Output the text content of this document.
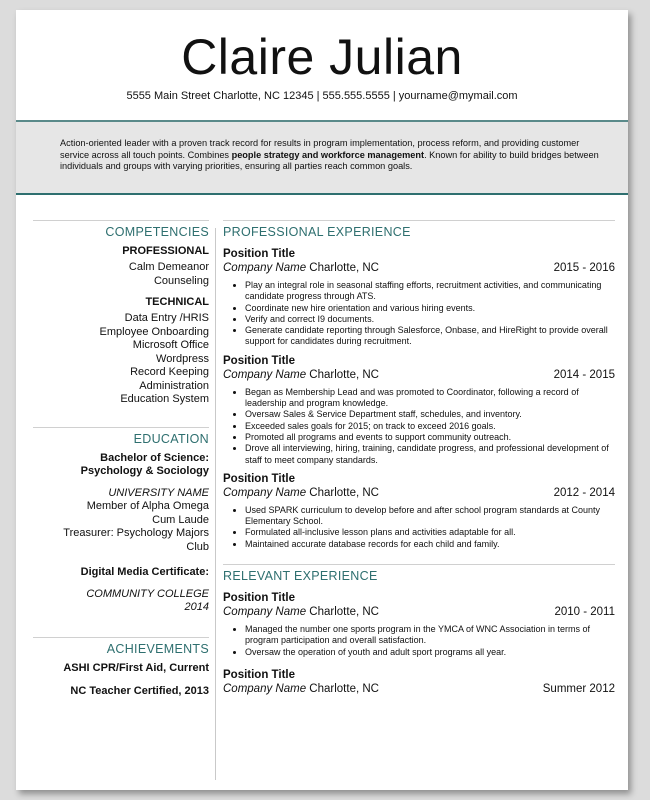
Claire Julian
5555 Main Street Charlotte, NC 12345 | 555.555.5555 | yourname@mymail.com
Action-oriented leader with a proven track record for results in program implementation, process reform, and providing customer service across all touch points. Combines people strategy and workforce management. Known for ability to build bridges between individuals and groups with varying priorities, ensuring all parties reach common goals.
COMPETENCIES
PROFESSIONAL
Calm Demeanor
Counseling
TECHNICAL
Data Entry /HRIS
Employee Onboarding
Microsoft Office
Wordpress
Record Keeping
Administration
Education System
EDUCATION
Bachelor of Science:
Psychology & Sociology
UNIVERSITY NAME
Member of Alpha Omega
Cum Laude
Treasurer: Psychology Majors
Club
Digital Media Certificate:
COMMUNITY COLLEGE
2014
ACHIEVEMENTS
ASHI CPR/First Aid, Current
NC Teacher Certified, 2013
PROFESSIONAL EXPERIENCE
Position Title
Company Name Charlotte, NC	2015 - 2016
• Play an integral role in seasonal staffing efforts, recruitment activities, and communicating candidate progress through ATS.
• Coordinate new hire orientation and various hiring events.
• Verify and correct I9 documents.
• Generate candidate reporting through Salesforce, Onbase, and HireRight to provide overall support for candidates during recruitment.
Position Title
Company Name Charlotte, NC	2014 - 2015
• Began as Membership Lead and was promoted to Coordinator, following a record of leadership and program knowledge.
• Oversaw Sales & Service Department staff, schedules, and inventory.
• Exceeded sales goals for 2015; on track to exceed 2016 goals.
• Promoted all programs and events to support community outreach.
• Drove all interviewing, hiring, training, candidate progress, and professional development of staff to meet company standards.
Position Title
Company Name Charlotte, NC	2012 - 2014
• Used SPARK curriculum to develop before and after school program standards at County Elementary School.
• Formulated all-inclusive lesson plans and activities adaptable for all.
• Maintained accurate database records for each child and family.
RELEVANT EXPERIENCE
Position Title
Company Name Charlotte, NC	2010 - 2011
• Managed the number one sports program in the YMCA of WNC Association in terms of program participation and overall satisfaction.
• Oversaw the operation of youth and adult sport programs all year.
Position Title
Company Name Charlotte, NC	Summer 2012
